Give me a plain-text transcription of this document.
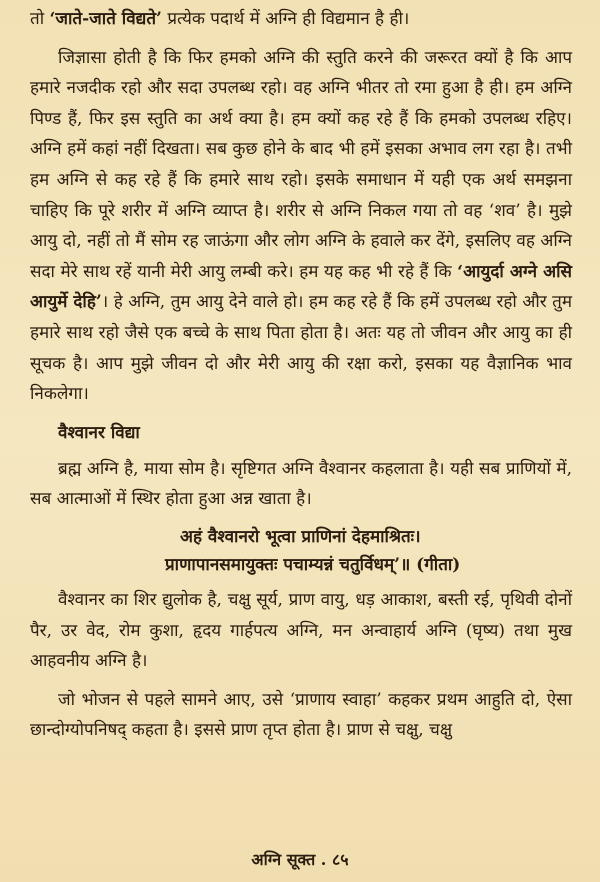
तो ‘जाते-जाते विद्यते’ प्रत्येक पदार्थ में अग्नि ही विद्यमान है ही।

जिज्ञासा होती है कि फिर हमको अग्नि की स्तुति करने की जरूरत क्यों है कि आप हमारे नजदीक रहो और सदा उपलब्ध रहो। वह अग्नि भीतर तो रमा हुआ है ही। हम अग्नि पिण्ड हैं, फिर इस स्तुति का अर्थ क्या है। हम क्यों कह रहे हैं कि हमको उपलब्ध रहिए। अग्नि हमें कहां नहीं दिखता। सब कुछ होने के बाद भी हमें इसका अभाव लग रहा है। तभी हम अग्नि से कह रहे हैं कि हमारे साथ रहो। इसके समाधान में यही एक अर्थ समझना चाहिए कि पूरे शरीर में अग्नि व्याप्त है। शरीर से अग्नि निकल गया तो वह ‘शव’ है। मुझे आयु दो, नहीं तो मैं सोम रह जाऊंगा और लोग अग्नि के हवाले कर देंगे, इसलिए वह अग्नि सदा मेरे साथ रहें यानी मेरी आयु लम्बी करे। हम यह कह भी रहे हैं कि ‘आयुर्दा अग्ने असि आयुर्मे देहि’। हे अग्नि, तुम आयु देने वाले हो। हम कह रहे हैं कि हमें उपलब्ध रहो और तुम हमारे साथ रहो जैसे एक बच्चे के साथ पिता होता है। अतः यह तो जीवन और आयु का ही सूचक है। आप मुझे जीवन दो और मेरी आयु की रक्षा करो, इसका यह वैज्ञानिक भाव निकलेगा।

वैश्वानर विद्या

ब्रह्म अग्नि है, माया सोम है। सृष्टिगत अग्नि वैश्वानर कहलाता है। यही सब प्राणियों में, सब आत्माओं में स्थिर होता हुआ अन्न खाता है।

अहं वैश्वानरो भूत्वा प्राणिनां देहमाश्रितः।
प्राणापानसमायुक्तः पचाम्यन्नं चतुर्विधम्’॥ (गीता)

वैश्वानर का शिर द्युलोक है, चक्षु सूर्य, प्राण वायु, धड़ आकाश, बस्ती रई, पृथिवी दोनों पैर, उर वेद, रोम कुशा, हृदय गार्हपत्य अग्नि, मन अन्वाहार्य अग्नि (घृष्य) तथा मुख आहवनीय अग्नि है।

जो भोजन से पहले सामने आए, उसे ‘प्राणाय स्वाहा’ कहकर प्रथम आहुति दो, ऐसा छान्दोग्योपनिषद् कहता है। इससे प्राण तृप्त होता है। प्राण से चक्षु, चक्षु

अग्नि सूक्त . ८५
